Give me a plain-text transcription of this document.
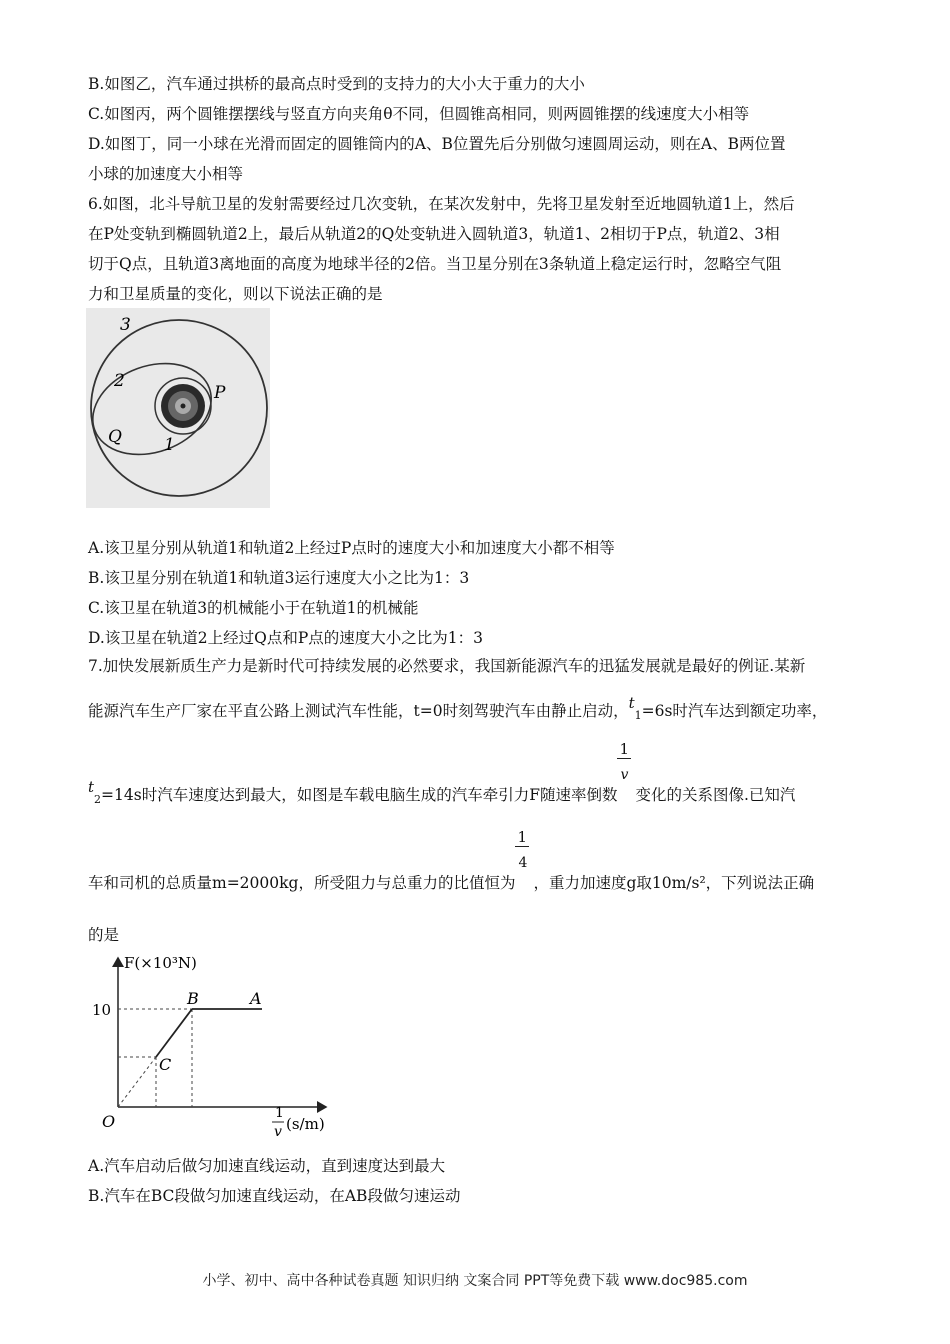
B.如图乙，汽车通过拱桥的最高点时受到的支持力的大小大于重力的大小
C.如图丙，两个圆锥摆摆线与竖直方向夹角θ不同，但圆锥高相同，则两圆锥摆的线速度大小相等
D.如图丁，同一小球在光滑而固定的圆锥筒内的A、B位置先后分别做匀速圆周运动，则在A、B两位置
小球的加速度大小相等
6.如图，北斗导航卫星的发射需要经过几次变轨，在某次发射中，先将卫星发射至近地圆轨道1上，然后
在P处变轨到椭圆轨道2上，最后从轨道2的Q处变轨进入圆轨道3，轨道1、2相切于P点，轨道2、3相
切于Q点，且轨道3离地面的高度为地球半径的2倍。当卫星分别在3条轨道上稳定运行时，忽略空气阻
力和卫星质量的变化，则以下说法正确的是
3
2
1
P
Q
A.该卫星分别从轨道1和轨道2上经过P点时的速度大小和加速度大小都不相等
B.该卫星分别在轨道1和轨道3运行速度大小之比为1：3
C.该卫星在轨道3的机械能小于在轨道1的机械能
D.该卫星在轨道2上经过Q点和P点的速度大小之比为1：3
7.加快发展新质生产力是新时代可持续发展的必然要求，我国新能源汽车的迅猛发展就是最好的例证.某新
能源汽车生产厂家在平直公路上测试汽车性能，t=0时刻驾驶汽车由静止启动，t1=6s时汽车达到额定功率，
t2=14s时汽车速度达到最大，如图是车载电脑生成的汽车牵引力F随速率倒数 $\frac{1}{v}$ 变化的关系图像.已知汽
车和司机的总质量m=2000kg，所受阻力与总重力的比值恒为 $\frac{1}{4}$ ，重力加速度g取10m/s²，下列说法正确
的是
F(×10³N)
10
O
B	A
C
1
v (s/m)
A.汽车启动后做匀加速直线运动，直到速度达到最大
B.汽车在BC段做匀加速直线运动，在AB段做匀速运动
小学、初中、高中各种试卷真题 知识归纳 文案合同 PPT等免费下载 www.doc985.com
